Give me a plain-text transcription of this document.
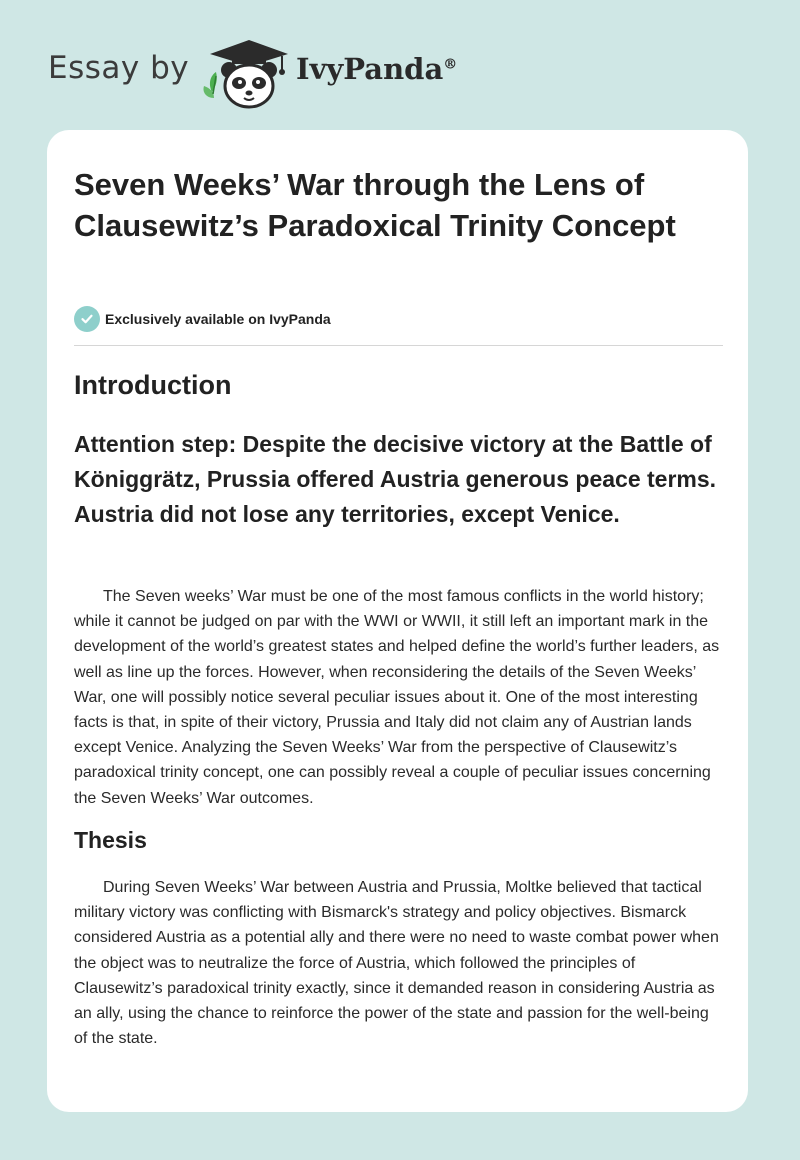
Essay by	IvyPanda®
Seven Weeks’ War through the Lens of Clausewitz’s Paradoxical Trinity Concept
Exclusively available on IvyPanda
Introduction
Attention step: Despite the decisive victory at the Battle of Königgrätz, Prussia offered Austria generous peace terms. Austria did not lose any territories, except Venice.

The Seven weeks’ War must be one of the most famous conflicts in the world history; while it cannot be judged on par with the WWI or WWII, it still left an important mark in the development of the world’s greatest states and helped define the world’s further leaders, as well as line up the forces. However, when reconsidering the details of the Seven Weeks’ War, one will possibly notice several peculiar issues about it. One of the most interesting facts is that, in spite of their victory, Prussia and Italy did not claim any of Austrian lands except Venice. Analyzing the Seven Weeks’ War from the perspective of Clausewitz’s paradoxical trinity concept, one can possibly reveal a couple of peculiar issues concerning the Seven Weeks’ War outcomes.

Thesis

During Seven Weeks’ War between Austria and Prussia, Moltke believed that tactical military victory was conflicting with Bismarck's strategy and policy objectives. Bismarck considered Austria as a potential ally and there were no need to waste combat power when the object was to neutralize the force of Austria, which followed the principles of Clausewitz’s paradoxical trinity exactly, since it demanded reason in considering Austria as an ally, using the chance to reinforce the power of the state and passion for the well-being of the state.
